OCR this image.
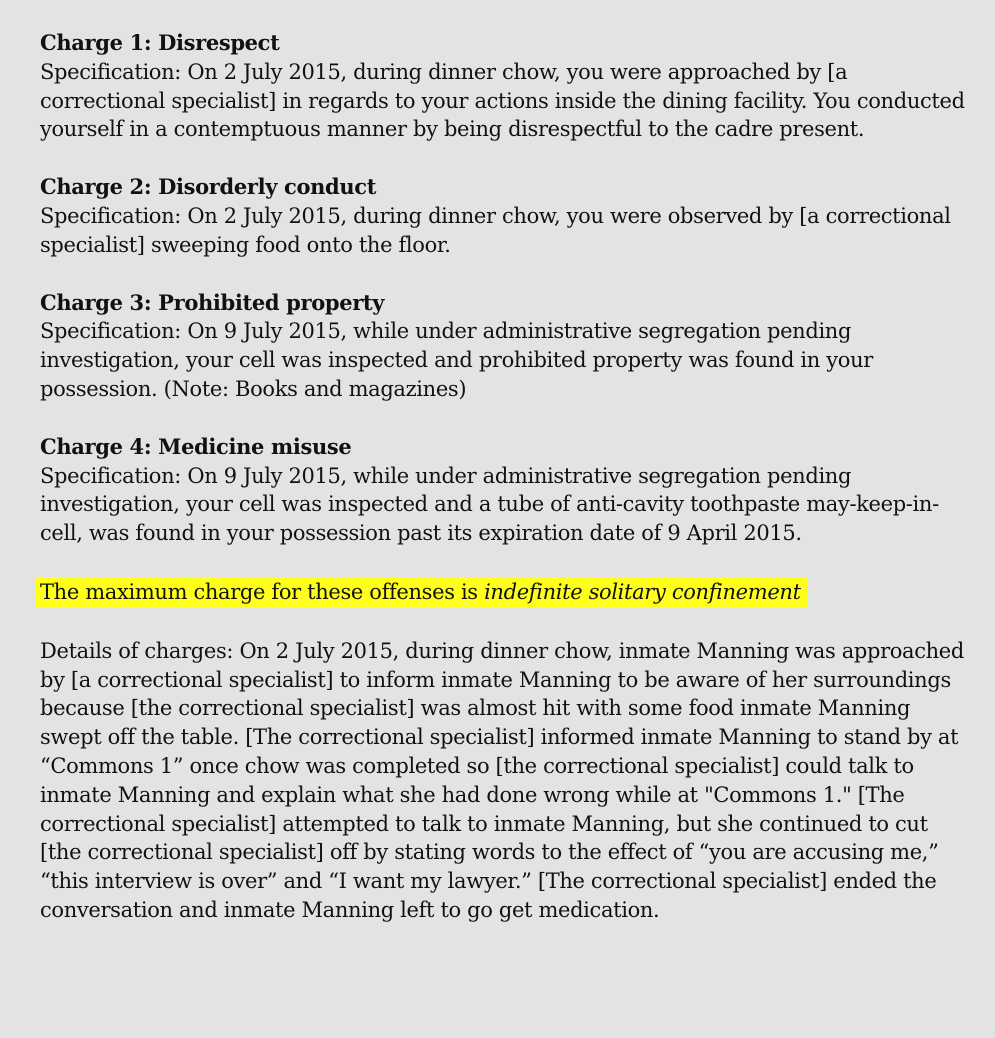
Charge 1: Disrespect
Specification: On 2 July 2015, during dinner chow, you were approached by [a correctional specialist] in regards to your actions inside the dining facility. You conducted yourself in a contemptuous manner by being disrespectful to the cadre present.
Charge 2: Disorderly conduct
Specification: On 2 July 2015, during dinner chow, you were observed by [a correctional specialist] sweeping food onto the floor.
Charge 3: Prohibited property
Specification: On 9 July 2015, while under administrative segregation pending investigation, your cell was inspected and prohibited property was found in your possession. (Note: Books and magazines)
Charge 4: Medicine misuse
Specification: On 9 July 2015, while under administrative segregation pending investigation, your cell was inspected and a tube of anti-cavity toothpaste may-keep-in-cell, was found in your possession past its expiration date of 9 April 2015.
The maximum charge for these offenses is indefinite solitary confinement

Details of charges: On 2 July 2015, during dinner chow, inmate Manning was approached by [a correctional specialist] to inform inmate Manning to be aware of her surroundings because [the correctional specialist] was almost hit with some food inmate Manning swept off the table. [The correctional specialist] informed inmate Manning to stand by at “Commons 1” once chow was completed so [the correctional specialist] could talk to inmate Manning and explain what she had done wrong while at "Commons 1." [The correctional specialist] attempted to talk to inmate Manning, but she continued to cut [the correctional specialist] off by stating words to the effect of “you are accusing me,” “this interview is over” and “I want my lawyer.” [The correctional specialist] ended the conversation and inmate Manning left to go get medication.
